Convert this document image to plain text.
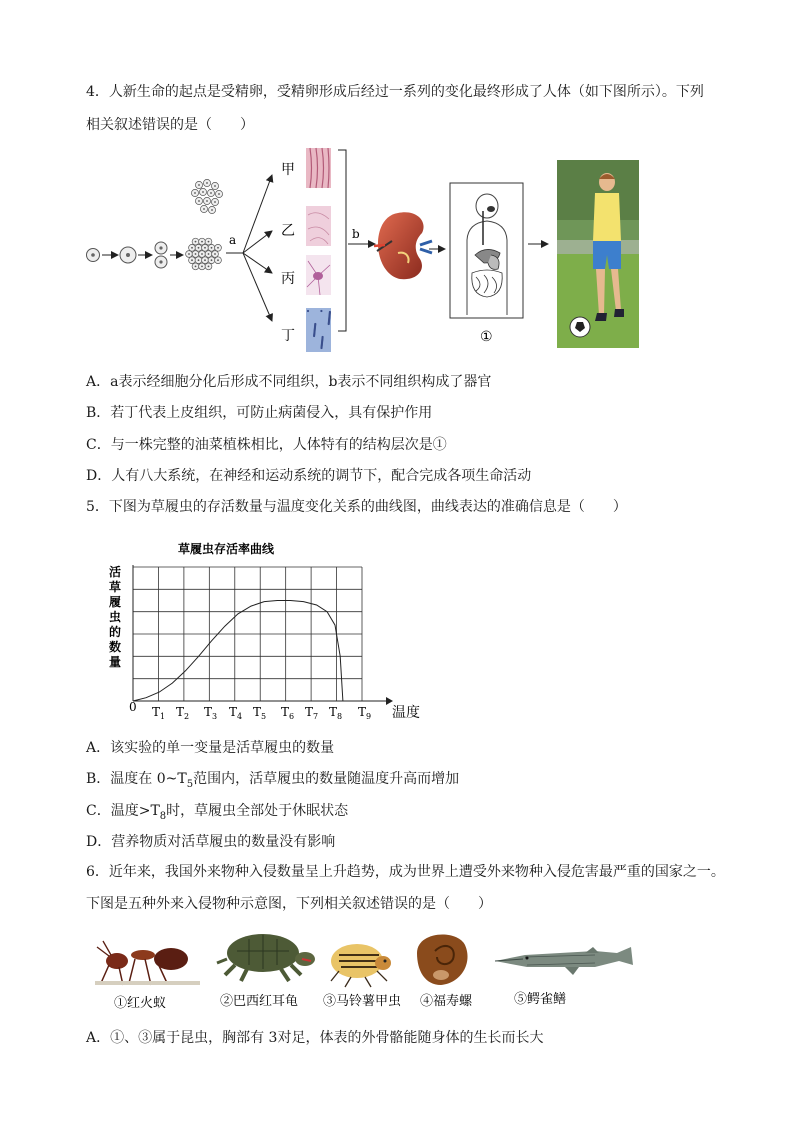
4．人新生命的起点是受精卵，受精卵形成后经过一系列的变化最终形成了人体（如下图所示）。下列
相关叙述错误的是（　　）
a
甲
乙
丙
丁
b
①
A．a表示经细胞分化后形成不同组织，b表示不同组织构成了器官
B．若丁代表上皮组织，可防止病菌侵入，具有保护作用
C．与一株完整的油菜植株相比，人体特有的结构层次是①
D．人有八大系统，在神经和运动系统的调节下，配合完成各项生命活动
5．下图为草履虫的存活数量与温度变化关系的曲线图，曲线表达的准确信息是（　　）
草履虫存活率曲线
活
草
履
虫
的
数
量
$T_1$ $T_2$ $T_3$ $T_4$ $T_5$ $T_6$ $T_7$ $T_8$ $T_9$
0	温度
A．该实验的单一变量是活草履虫的数量
B．温度在 $0\sim T_5$范围内，活草履虫的数量随温度升高而增加
C．温度$>T_8$时，草履虫全部处于休眠状态
D．营养物质对活草履虫的数量没有影响
6．近年来，我国外来物种入侵数量呈上升趋势，成为世界上遭受外来物种入侵危害最严重的国家之一。
下图是五种外来入侵物种示意图，下列相关叙述错误的是（　　）
①红火蚁	②巴西红耳龟 ③马铃薯甲虫 ④福寿螺	⑤鳄雀鳝
A．①、③属于昆虫，胸部有 3对足，体表的外骨骼能随身体的生长而长大
